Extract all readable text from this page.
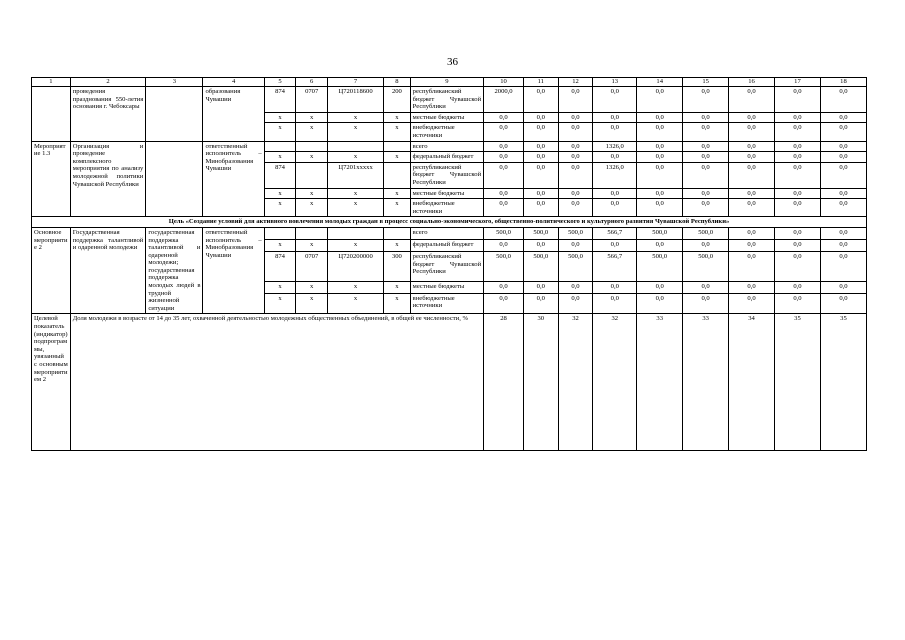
36
1	2	3	4	5	6	7	8	9	10	11	12	13	14	15	16	17	18
	проведения празднования 550-летия основания г. Чебоксары		образования Чувашии	874	0707	Ц720118600	200	республиканский бюджет Чувашской Республики	2000,0	0,0	0,0	0,0	0,0	0,0	0,0	0,0	0,0
				x	x	x	x	местные бюджеты	0,0	0,0	0,0	0,0	0,0	0,0	0,0	0,0	0,0
				x	x	x	x	внебюджетные источники	0,0	0,0	0,0	0,0	0,0	0,0	0,0	0,0	0,0
Мероприятие 1.3	Организация и проведение комплексного мероприятия по анализу молодежной политики Чувашской Республики		ответственный исполнитель – Минобразования Чувашии					всего	0,0	0,0	0,0	1326,0	0,0	0,0	0,0	0,0	0,0
				x	x	x	x	федеральный бюджет	0,0	0,0	0,0	0,0	0,0	0,0	0,0	0,0	0,0
				874		Ц7201xxxxx		республиканский бюджет Чувашской Республики	0,0	0,0	0,0	1326,0	0,0	0,0	0,0	0,0	0,0
				x	x	x	x	местные бюджеты	0,0	0,0	0,0	0,0	0,0	0,0	0,0	0,0	0,0
				x	x	x	x	внебюджетные источники	0,0	0,0	0,0	0,0	0,0	0,0	0,0	0,0	0,0
Цель «Создание условий для активного вовлечения молодых граждан в процесс социально-экономического, общественно-политического и культурного развития Чувашской Республики»																	
Основное мероприятие 2	Государственная поддержка талантливой и одаренной молодежи	государственная поддержка талантливой и одаренной молодежи; государственная поддержка молодых людей в трудной жизненной ситуации	ответственный исполнитель – Минобразования Чувашии					всего	500,0	500,0	500,0	566,7	500,0	500,0	0,0	0,0	0,0
				x	x	x	x	федеральный бюджет	0,0	0,0	0,0	0,0	0,0	0,0	0,0	0,0	0,0
				874	0707	Ц720200000	300	республиканский бюджет Чувашской Республики	500,0	500,0	500,0	566,7	500,0	500,0	0,0	0,0	0,0
				x	x	x	x	местные бюджеты	0,0	0,0	0,0	0,0	0,0	0,0	0,0	0,0	0,0
				x	x	x	x	внебюджетные источники	0,0	0,0	0,0	0,0	0,0	0,0	0,0	0,0	0,0
Целевой показатель (индикатор) подпрограммы, увязанный с основным мероприятием 2	Доля молодежи в возрасте от 14 до 35 лет, охваченной деятельностью молодежных общественных объединений, в общей ее численности, %								28	30	32	32	33	33	34	35	35
